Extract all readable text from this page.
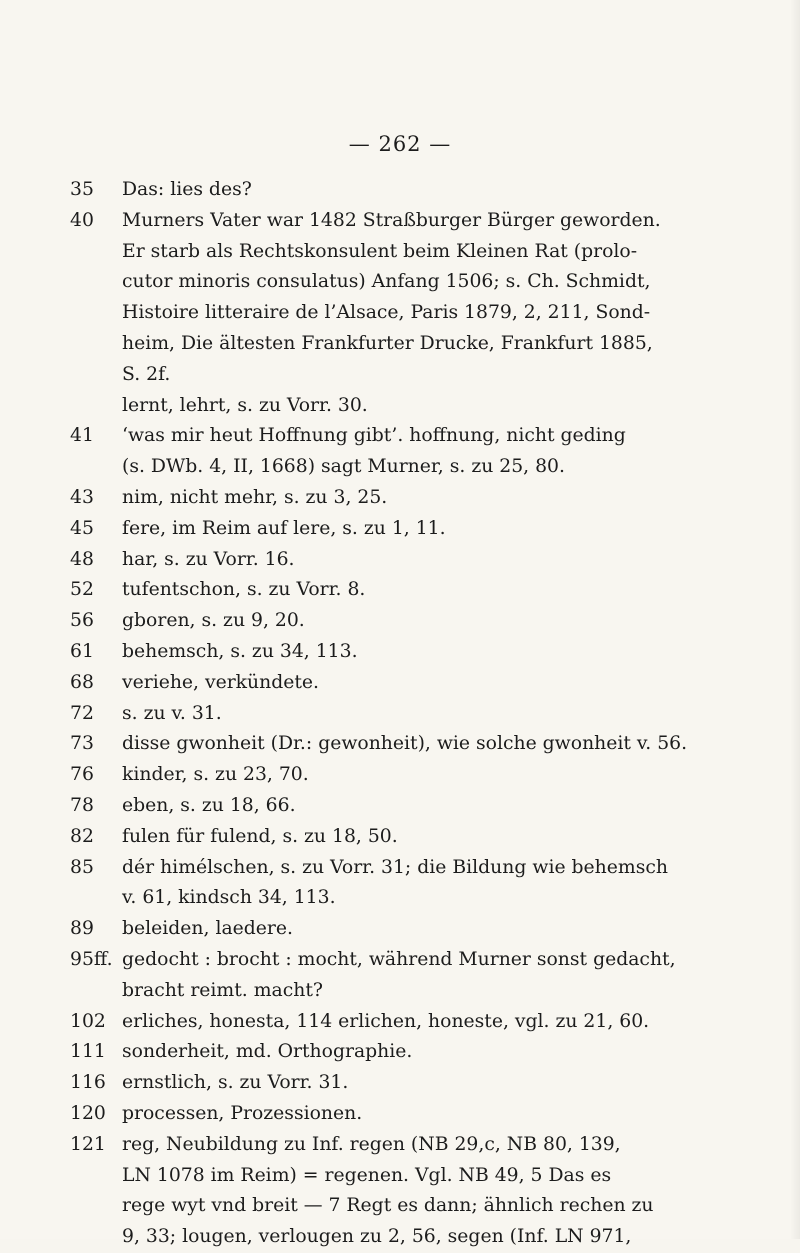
— 262 —
35 Das: lies des?
40 Murners Vater war 1482 Straßburger Bürger geworden.
Er starb als Rechtskonsulent beim Kleinen Rat (prolo-
cutor minoris consulatus) Anfang 1506; s. Ch. Schmidt,
Histoire litteraire de l’Alsace, Paris 1879, 2, 211, Sond-
heim, Die ältesten Frankfurter Drucke, Frankfurt 1885,
S. 2f.
lernt, lehrt, s. zu Vorr. 30.
41 ‘was mir heut Hoffnung gibt’. hoffnung, nicht geding
(s. DWb. 4, II, 1668) sagt Murner, s. zu 25, 80.
43 nim, nicht mehr, s. zu 3, 25.
45 fere, im Reim auf lere, s. zu 1, 11.
48 har, s. zu Vorr. 16.
52 tufentschon, s. zu Vorr. 8.
56 gboren, s. zu 9, 20.
61 behemsch, s. zu 34, 113.
68 veriehe, verkündete.
72 s. zu v. 31.
73 disse gwonheit (Dr.: gewonheit), wie solche gwonheit v. 56.
76 kinder, s. zu 23, 70.
78 eben, s. zu 18, 66.
82 fulen für fulend, s. zu 18, 50.
85 dér himélschen, s. zu Vorr. 31; die Bildung wie behemsch
v. 61, kindsch 34, 113.
89 beleiden, laedere.
95ff. gedocht : brocht : mocht, während Murner sonst gedacht,
bracht reimt. macht?
102 erliches, honesta, 114 erlichen, honeste, vgl. zu 21, 60.
111 sonderheit, md. Orthographie.
116 ernstlich, s. zu Vorr. 31.
120 processen, Prozessionen.
121 reg, Neubildung zu Inf. regen (NB 29,c, NB 80, 139,
LN 1078 im Reim) = regenen. Vgl. NB 49, 5 Das es
rege wyt vnd breit — 7 Regt es dann; ähnlich rechen zu
9, 33; lougen, verlougen zu 2, 56, segen (Inf. LN 971,
